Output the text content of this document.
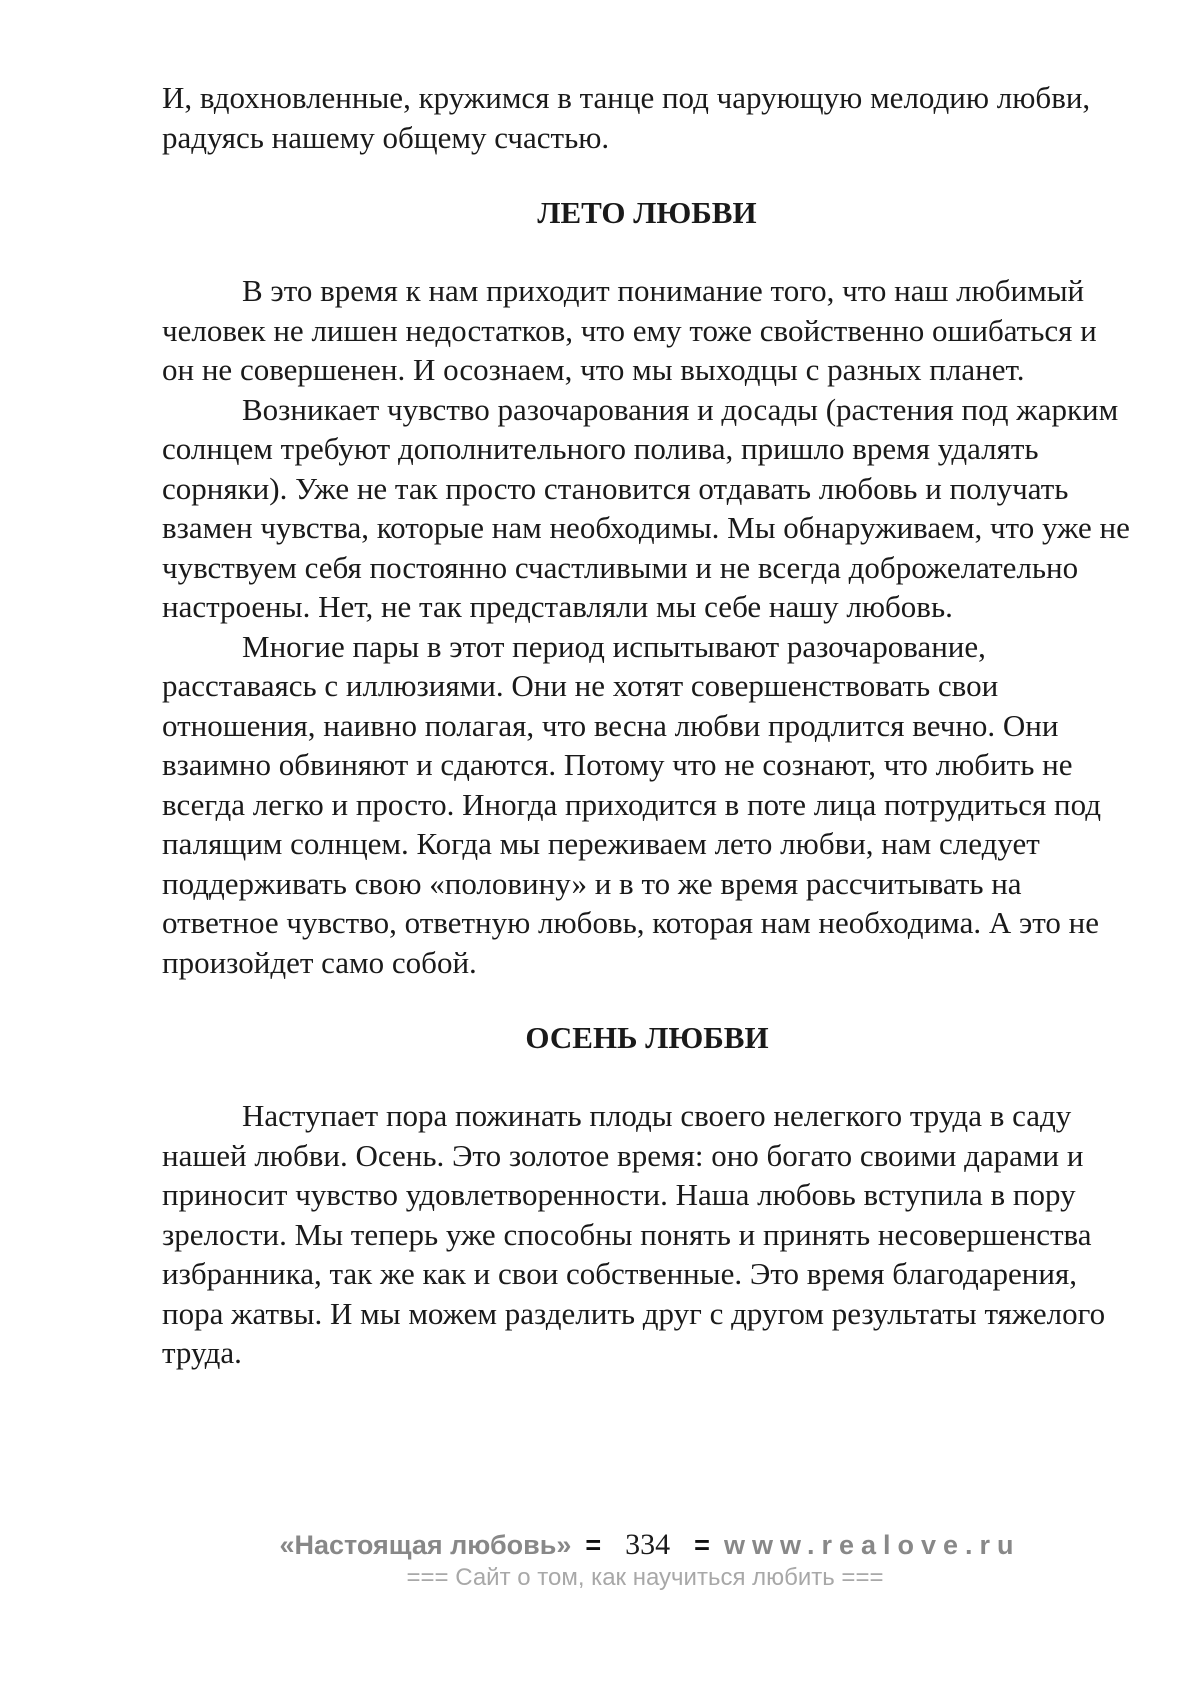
И, вдохновленные, кружимся в танце под чарующую мелодию любви, радуясь нашему общему счастью.

ЛЕТО ЛЮБВИ

В это время к нам приходит понимание того, что наш любимый человек не лишен недостатков, что ему тоже свойственно ошибаться и он не совершенен. И осознаем, что мы выходцы с разных планет.

Возникает чувство разочарования и досады (растения под жарким солнцем требуют дополнительного полива, пришло время удалять сорняки). Уже не так просто становится отдавать любовь и получать взамен чувства, которые нам необходимы. Мы обнаруживаем, что уже не чувствуем себя постоянно счастливыми и не всегда доброжелательно настроены. Нет, не так представляли мы себе нашу любовь.

Многие пары в этот период испытывают разочарование, расставаясь с иллюзиями. Они не хотят совершенствовать свои отношения, наивно полагая, что весна любви продлится вечно. Они взаимно обвиняют и сдаются. Потому что не сознают, что любить не всегда легко и просто. Иногда приходится в поте лица потрудиться под палящим солнцем. Когда мы переживаем лето любви, нам следует поддерживать свою «половину» и в то же время рассчитывать на ответное чувство, ответную любовь, которая нам необходима. А это не произойдет само собой.

ОСЕНЬ ЛЮБВИ

Наступает пора пожинать плоды своего нелегкого труда в саду нашей любви. Осень. Это золотое время: оно богато своими дарами и приносит чувство удовлетворенности. Наша любовь вступила в пору зрелости. Мы теперь уже способны понять и принять несовершенства избранника, так же как и свои собственные. Это время благодарения, пора жатвы. И мы можем разделить друг с другом результаты тяжелого труда.

«Настоящая любовь» = 334 = www.realove.ru
=== Сайт о том, как научиться любить ===
